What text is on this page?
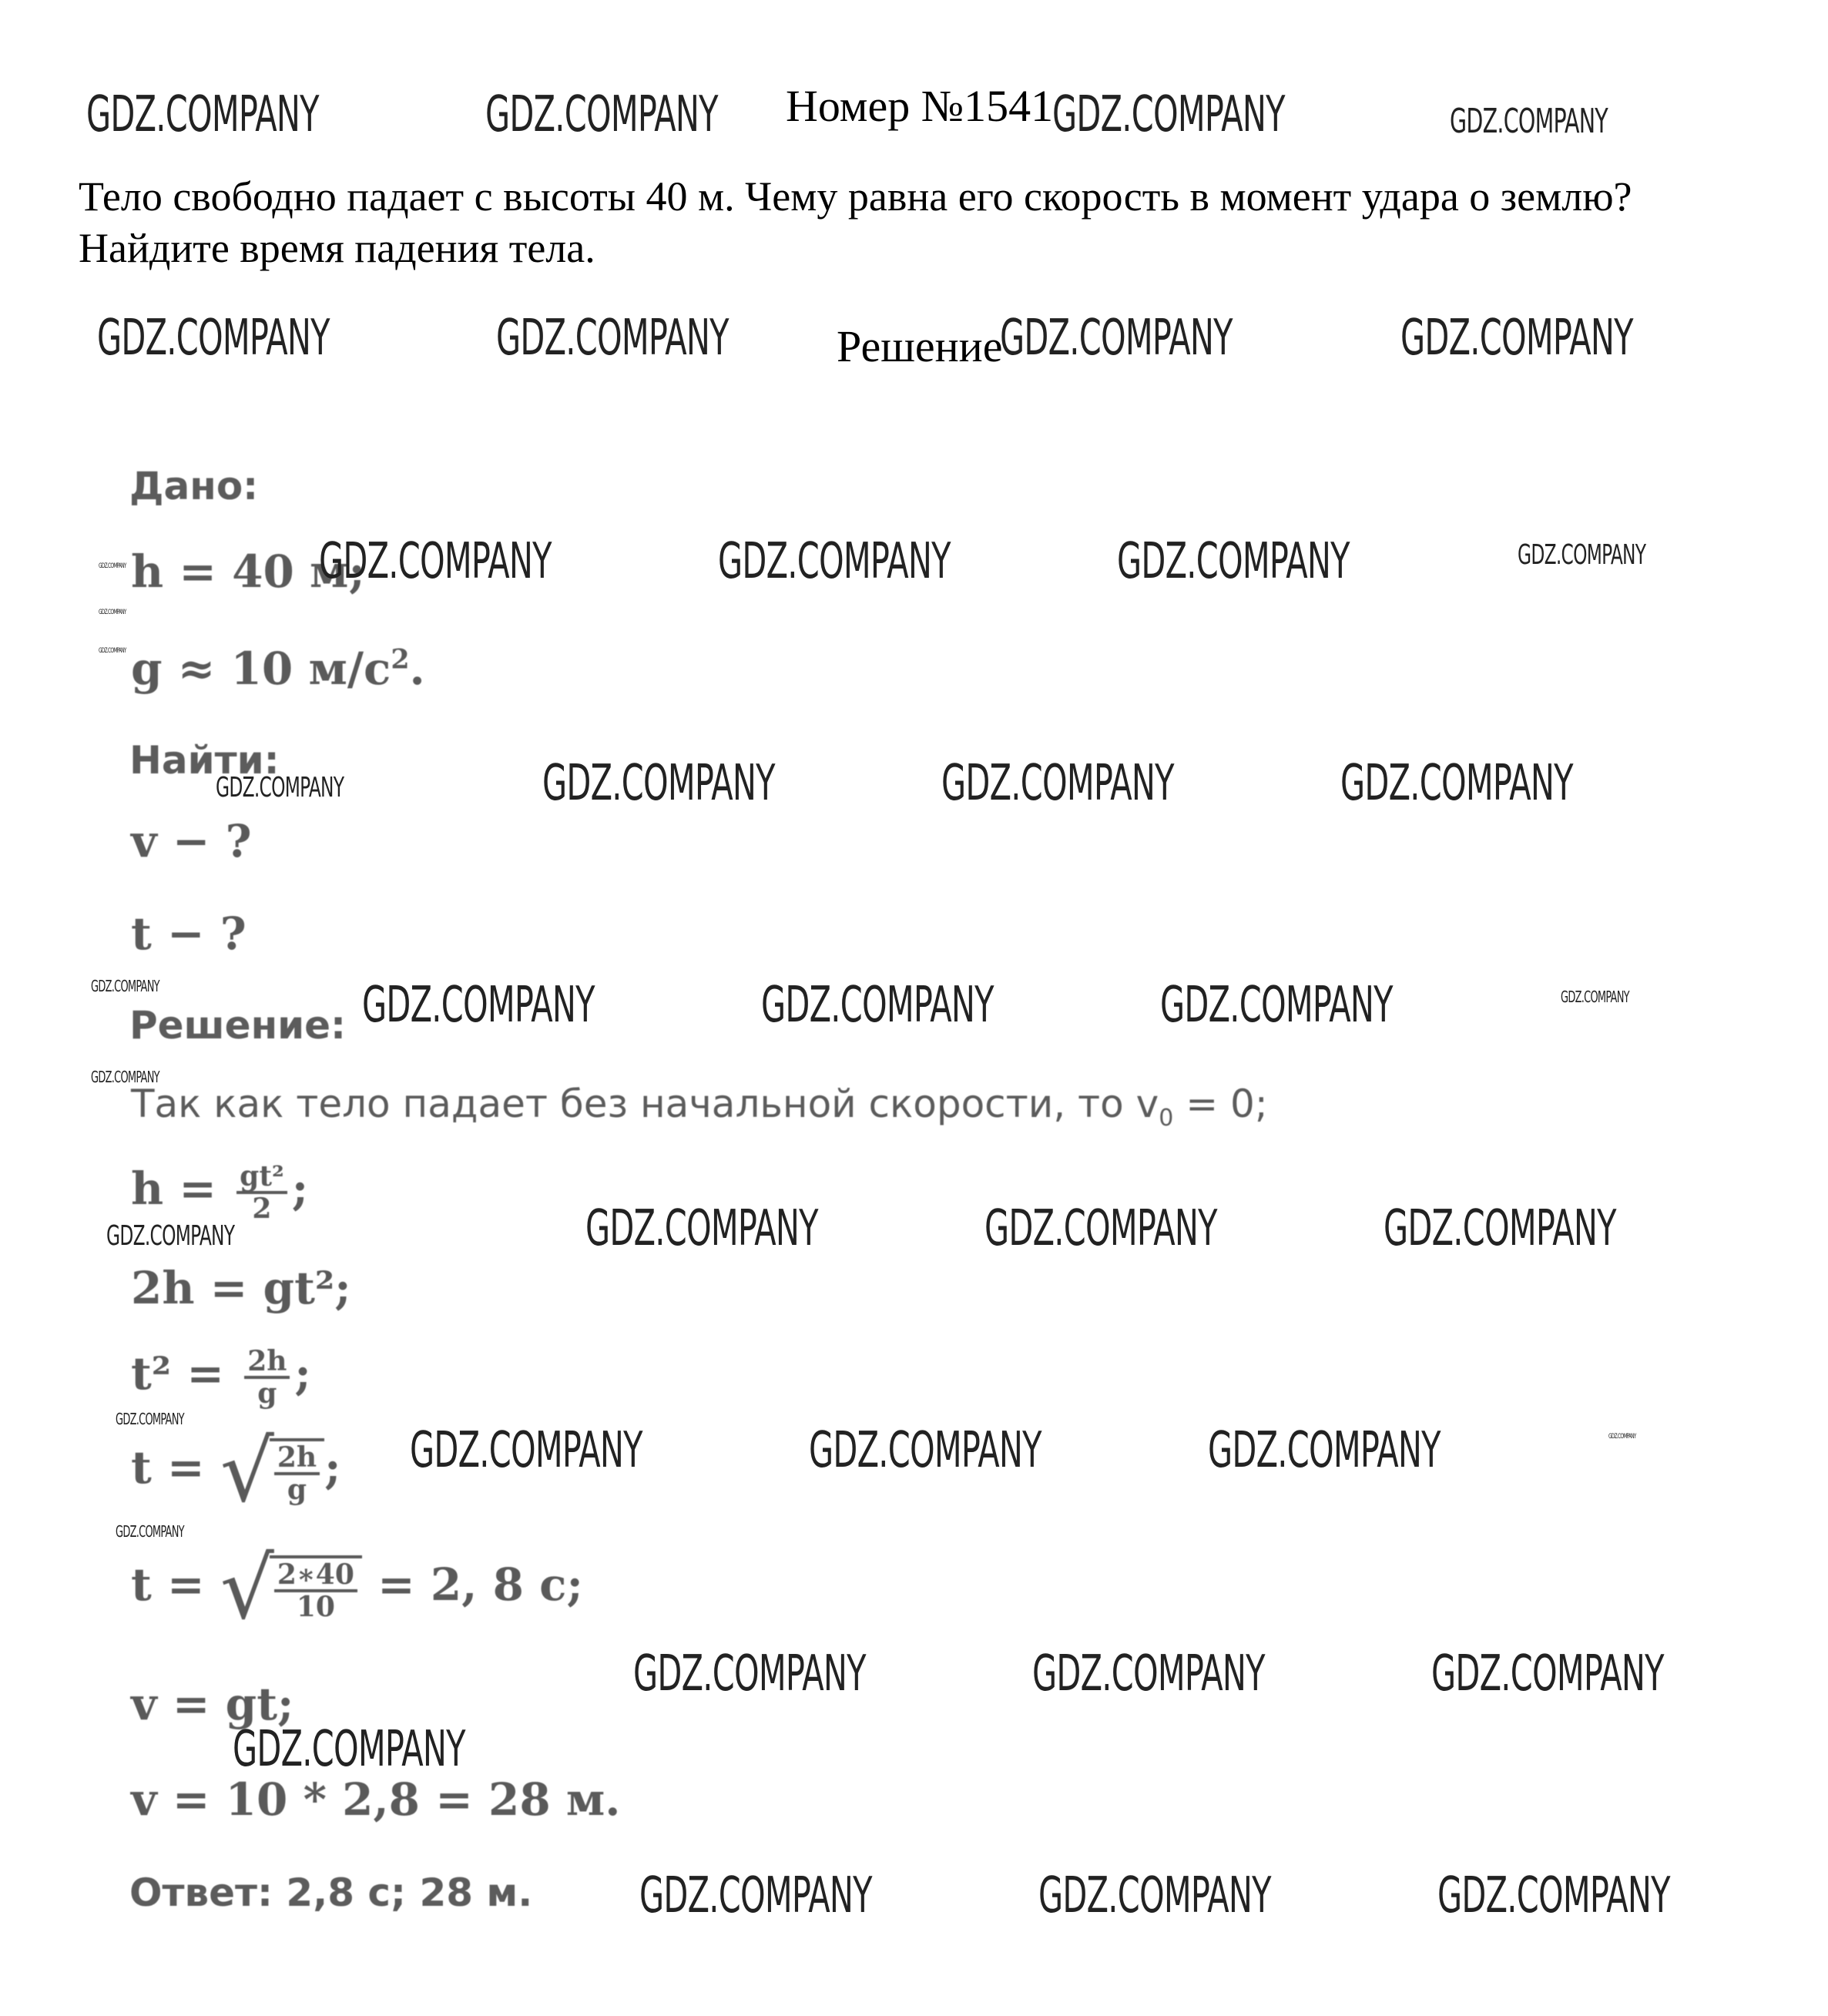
Номер №1541
Тело свободно падает с высоты 40 м. Чему равна его скорость в момент удара о землю? Найдите время падения тела.
Решение
Дано:
h = 40 м;
g ≈ 10 $м/с^2$.
Найти:
v − ?
t − ?
Решение:
Так как тело падает без начальной скорости, то $v_0 = 0$;
$h = \frac{\text{gt²}}{2}$ ;
2h = gt²;
$t^2 = \frac{2h}{g}$ ;
t = √ $\frac{2h}{g}$ ;
t = √ $\frac{2∗40}{10} = 2$, 8 с;
v = gt;
v = 10 * 2,8 = 28 м.
Ответ: 2,8 с; 28 м.
GDZ.COMPANY	GDZ.COMPANY	GDZ.COMPANY	GDZ.COMPANY
GDZ.COMPANY	GDZ.COMPANY	GDZ.COMPANY	GDZ.COMPANY
GDZ.COMPANY	GDZ.COMPANY	GDZ.COMPANY	GDZ.COMPANY	GDZ.COMPANY
GDZ.COMPANY
GDZ.COMPANY
GDZ.COMPANY	GDZ.COMPANY	GDZ.COMPANY	GDZ.COMPANY
GDZ.COMPANY	GDZ.COMPANY	GDZ.COMPANY	GDZ.COMPANY	GDZ.COMPANY
GDZ.COMPANY
GDZ.COMPANY	GDZ.COMPANY	GDZ.COMPANY	GDZ.COMPANY
GDZ.COMPANY
GDZ.COMPANY	GDZ.COMPANY	GDZ.COMPANY	GDZ.COMPANY
GDZ.COMPANY
GDZ.COMPANY	GDZ.COMPANY	GDZ.COMPANY
GDZ.COMPANY
GDZ.COMPANY	GDZ.COMPANY	GDZ.COMPANY
